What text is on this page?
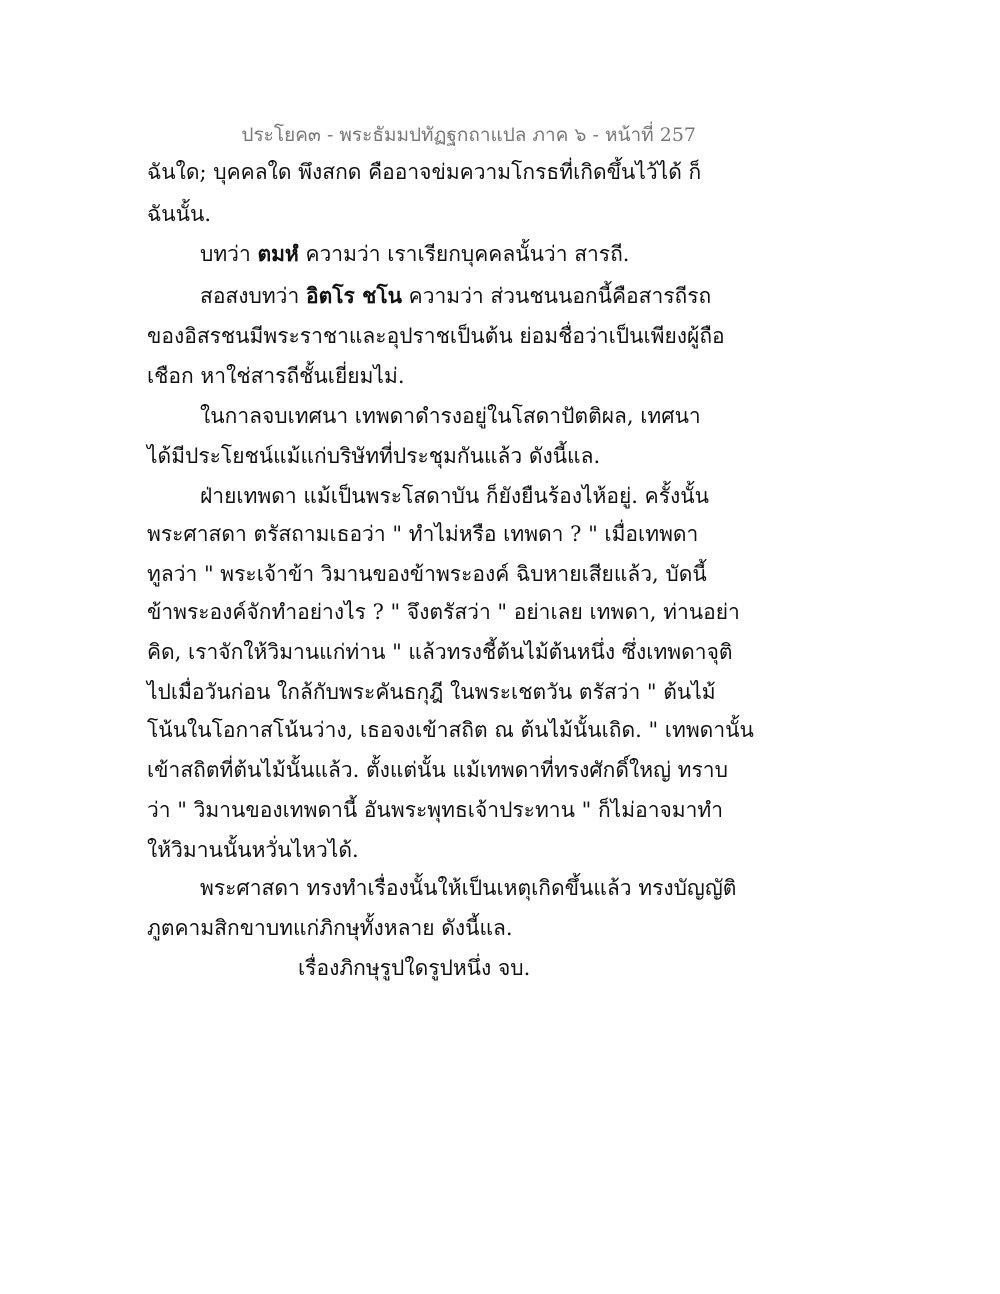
ประโยค๓ - พระธัมมปทัฏฐกถาแปล ภาค ๖ - หน้าที่ 257
ฉันใด; บุคคลใด พึงสกด คืออาจข่มความโกรธที่เกิดขึ้นไว้ได้ ก็
ฉันนั้น.
บทว่า ตมหํ ความว่า เราเรียกบุคคลนั้นว่า สารถี.
สอสงบทว่า อิตโร ชโน ความว่า ส่วนชนนอกนี้คือสารถีรถ
ของอิสรชนมีพระราชาและอุปราชเป็นต้น ย่อมชื่อว่าเป็นเพียงผู้ถือ
เชือก หาใช่สารถีชั้นเยี่ยมไม่.
ในกาลจบเทศนา เทพดาดำรงอยู่ในโสดาปัตติผล, เทศนา
ได้มีประโยชน์แม้แก่บริษัทที่ประชุมกันแล้ว ดังนี้แล.
ฝ่ายเทพดา แม้เป็นพระโสดาบัน ก็ยังยืนร้องไห้อยู่. ครั้งนั้น
พระศาสดา ตรัสถามเธอว่า " ทำไม่หรือ เทพดา ? " เมื่อเทพดา
ทูลว่า " พระเจ้าข้า วิมานของข้าพระองค์ ฉิบหายเสียแล้ว, บัดนี้
ข้าพระองค์จักทำอย่างไร ? " จึงตรัสว่า " อย่าเลย เทพดา, ท่านอย่า
คิด, เราจักให้วิมานแก่ท่าน " แล้วทรงชี้ต้นไม้ต้นหนึ่ง ซึ่งเทพดาจุติ
ไปเมื่อวันก่อน ใกล้กับพระคันธกุฎี ในพระเชตวัน ตรัสว่า " ต้นไม้
โน้นในโอกาสโน้นว่าง, เธอจงเข้าสถิต ณ ต้นไม้นั้นเถิด. " เทพดานั้น
เข้าสถิตที่ต้นไม้นั้นแล้ว. ตั้งแต่นั้น แม้เทพดาที่ทรงศักดิ์ใหญ่ ทราบ
ว่า " วิมานของเทพดานี้ อันพระพุทธเจ้าประทาน " ก็ไม่อาจมาทำ
ให้วิมานนั้นหวั่นไหวได้.
พระศาสดา ทรงทำเรื่องนั้นให้เป็นเหตุเกิดขึ้นแล้ว ทรงบัญญัติ
ภูตคามสิกขาบทแก่ภิกษุทั้งหลาย ดังนี้แล.
เรื่องภิกษุรูปใดรูปหนึ่ง จบ.
